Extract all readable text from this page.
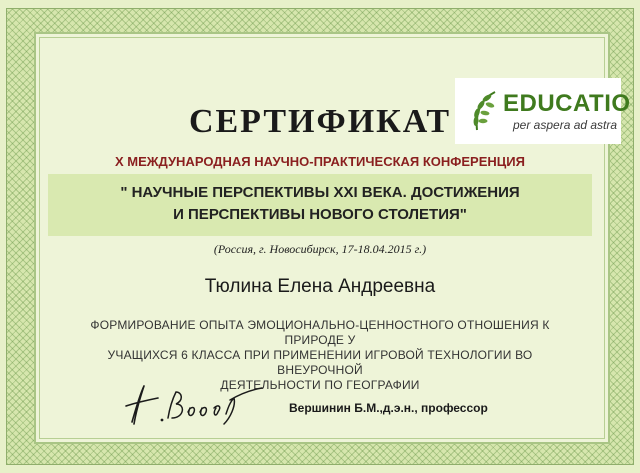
EDUCATIO
per aspera ad astra
СЕРТИФИКАТ
X МЕЖДУНАРОДНАЯ НАУЧНО-ПРАКТИЧЕСКАЯ КОНФЕРЕНЦИЯ
" НАУЧНЫЕ ПЕРСПЕКТИВЫ XXI ВЕКА. ДОСТИЖЕНИЯ
И ПЕРСПЕКТИВЫ НОВОГО СТОЛЕТИЯ"
(Россия, г. Новосибирск, 17-18.04.2015 г.)
Тюлина Елена Андреевна
ФОРМИРОВАНИЕ ОПЫТА ЭМОЦИОНАЛЬНО-ЦЕННОСТНОГО ОТНОШЕНИЯ К ПРИРОДЕ У
УЧАЩИХСЯ 6 КЛАССА ПРИ ПРИМЕНЕНИИ ИГРОВОЙ ТЕХНОЛОГИИ ВО ВНЕУРОЧНОЙ
ДЕЯТЕЛЬНОСТИ ПО ГЕОГРАФИИ
Вершинин Б.М.,д.э.н., профессор
